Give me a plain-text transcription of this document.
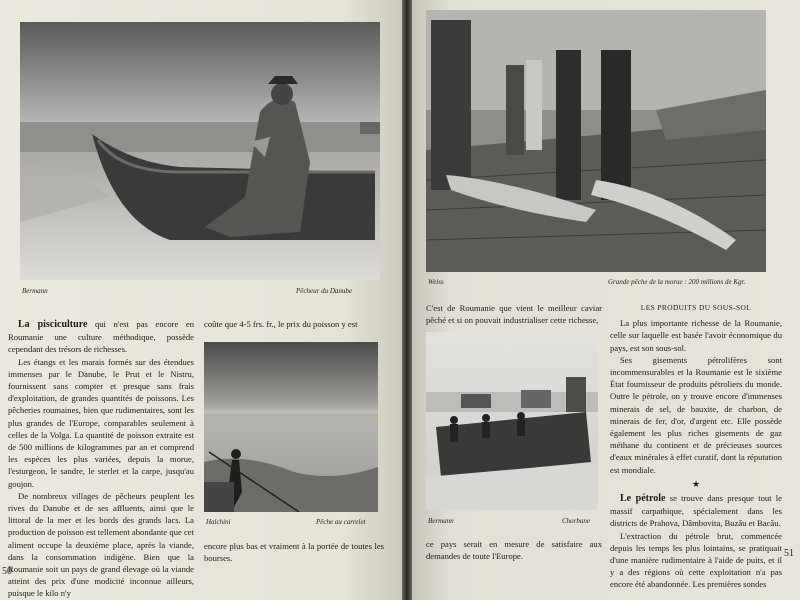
Bermann	Pêcheur du Danube

La pisciculture qui n'est pas encore en Roumanie une culture méthodique, possède cependant des trésors de richesses.

Les étangs et les marais formés sur des étendues immenses par le Danube, le Prut et le Nistru, fournissent sans compter et presque sans frais d'exploitation, de grandes quantités de poissons. Les pêcheries roumaines, bien que rudimentaires, sont les plus grandes de l'Europe, comparables seulement à celles de la Volga. La quantité de poisson extraite est de 500 millions de kilogrammes par an et comprend les espèces les plus variées, depuis la morue, l'esturgeon, le sandre, le sterlet et la carpe, jusqu'au goujon.

De nombreux villages de pêcheurs peuplent les rives du Danube et de ses affluents, ainsi que le littoral de la mer et les bords des grands lacs. La production de poisson est tellement abondante que cet aliment occupe la deuxième place, après la viande, dans la consommation indigène. Bien que la Roumanie soit un pays de grand élevage où la viande atteint des prix d'une modicité inconnue ailleurs, puisque le kilo n'y

coûte que 4-5 frs. fr., le prix du poisson y est

Halchini	Pêche au carrelet

encore plus bas et vraiment à la portée de toutes les bourses.

50
Weiss	Grande pêche de la morue : 200 millions de Kgr.

C'est de Roumanie que vient le meilleur caviar pêché et si on pouvait industrialiser cette richesse,

Bermann	Chorbane

ce pays serait en mesure de satisfaire aux demandes de toute l'Europe.

LES PRODUITS DU SOUS-SOL

La plus importante richesse de la Roumanie, celle sur laquelle est basée l'avoir économique du pays, est son sous-sol.

Ses gisements pétrolifères sont incommensurables et la Roumanie est le sixième État fournisseur de produits pétroliers du monde. Outre le pétrole, on y trouve encore d'immenses minerais de sel, de bauxite, de charbon, de minerais de fer, d'or, d'argent etc. Elle possède également les plus riches gisements de gaz méthane du continent et de précieuses sources d'eaux minérales à effet curatif, dont la réputation est mondiale.

★

Le pétrole se trouve dans presque tout le massif carpathique, spécialement dans les districts de Prahova, Dâmbovita, Buzău et Bacău.

L'extraction du pétrole brut, commencée depuis les temps les plus lointains, se pratiquait d'une manière rudimentaire à l'aide de puits, et il y a des régions où cette exploitation n'a pas encore été abandonnée. Les premières sondes

51
